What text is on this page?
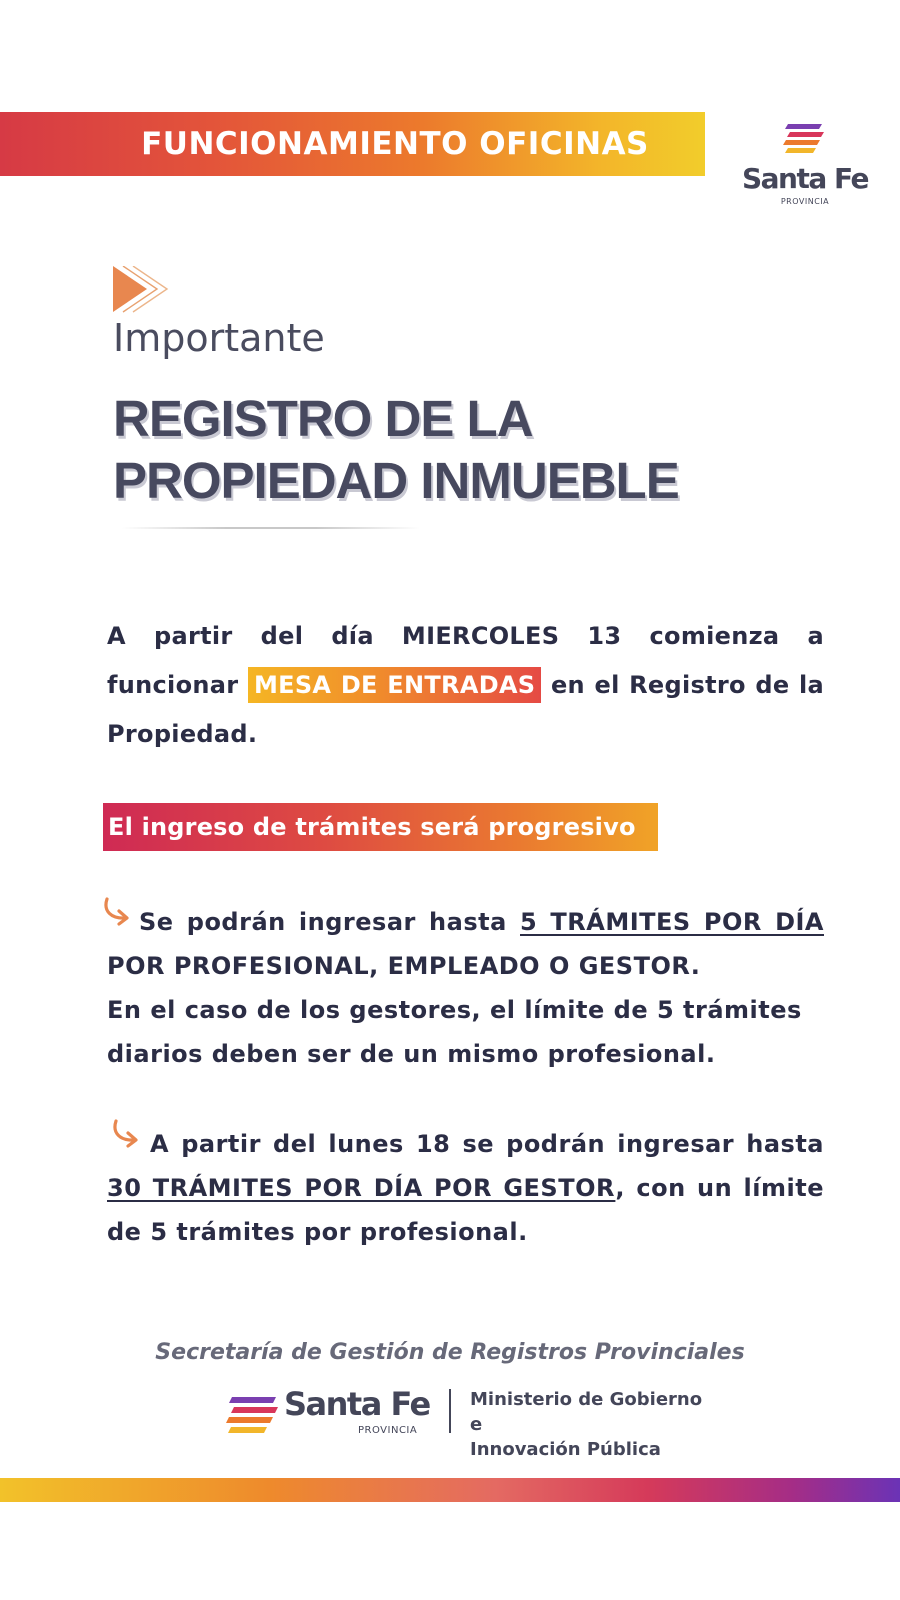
FUNCIONAMIENTO OFICINAS
Santa Fe
PROVINCIA
Importante
REGISTRO DE LA
PROPIEDAD INMUEBLE
A partir del día MIERCOLES 13 comienza a funcionar MESA DE ENTRADAS en el Registro de la Propiedad.
El ingreso de trámites será progresivo
Se podrán ingresar hasta 5 TRÁMITES POR DÍA
POR PROFESIONAL, EMPLEADO O GESTOR.
En el caso de los gestores, el límite de 5 trámites
diarios deben ser de un mismo profesional.
A partir del lunes 18 se podrán ingresar hasta
30 TRÁMITES POR DÍA POR GESTOR, con un límite
de 5 trámites por profesional.
Secretaría de Gestión de Registros Provinciales
Santa Fe
PROVINCIA
Ministerio de Gobierno e
Innovación Pública
